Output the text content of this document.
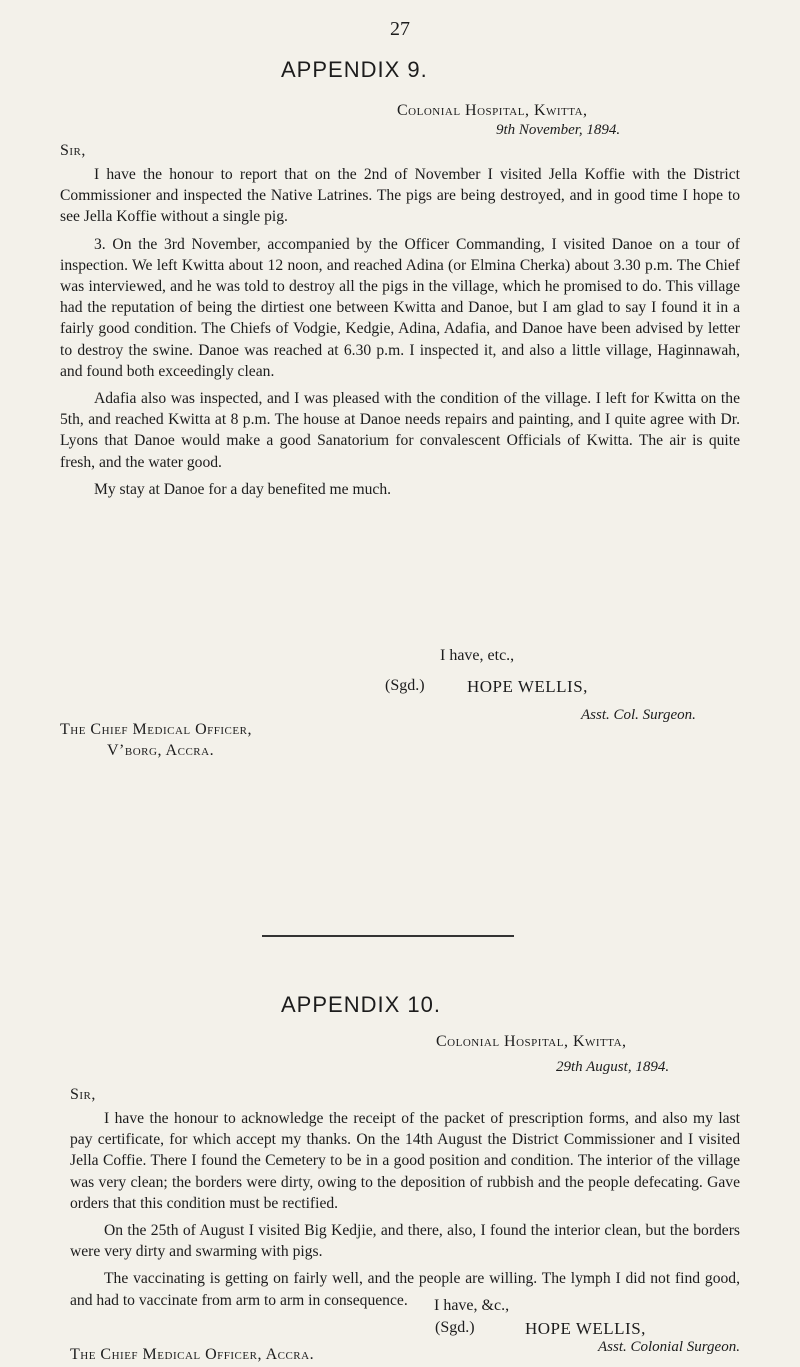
27
APPENDIX 9.
Colonial Hospital, Kwitta,
9th November, 1894.
Sir,

I have the honour to report that on the 2nd of November I visited Jella Koffie with the District Commissioner and inspected the Native Latrines. The pigs are being destroyed, and in good time I hope to see Jella Koffie without a single pig.

3. On the 3rd November, accompanied by the Officer Commanding, I visited Danoe on a tour of inspection. We left Kwitta about 12 noon, and reached Adina (or Elmina Cherka) about 3.30 p.m. The Chief was interviewed, and he was told to destroy all the pigs in the village, which he promised to do. This village had the reputation of being the dirtiest one between Kwitta and Danoe, but I am glad to say I found it in a fairly good condition. The Chiefs of Vodgie, Kedgie, Adina, Adafia, and Danoe have been advised by letter to destroy the swine. Danoe was reached at 6.30 p.m. I inspected it, and also a little village, Haginnawah, and found both exceedingly clean.

Adafia also was inspected, and I was pleased with the condition of the village. I left for Kwitta on the 5th, and reached Kwitta at 8 p.m. The house at Danoe needs repairs and painting, and I quite agree with Dr. Lyons that Danoe would make a good Sanatorium for convalescent Officials of Kwitta. The air is quite fresh, and the water good.

My stay at Danoe for a day benefited me much.

I have, etc.,
(Sgd.) HOPE WELLIS,
Asst. Col. Surgeon.
The Chief Medical Officer,
V’borg, Accra.
APPENDIX 10.
Colonial Hospital, Kwitta,
29th August, 1894.
Sir,

I have the honour to acknowledge the receipt of the packet of prescription forms, and also my last pay certificate, for which accept my thanks. On the 14th August the District Commissioner and I visited Jella Coffie. There I found the Cemetery to be in a good position and condition. The interior of the village was very clean; the borders were dirty, owing to the deposition of rubbish and the people defecating. Gave orders that this condition must be rectified.

On the 25th of August I visited Big Kedjie, and there, also, I found the interior clean, but the borders were very dirty and swarming with pigs.

The vaccinating is getting on fairly well, and the people are willing. The lymph I did not find good, and had to vaccinate from arm to arm in consequence.	I have, &c.,
(Sgd.)	HOPE WELLIS,
Asst. Colonial Surgeon.
The Chief Medical Officer, Accra.
